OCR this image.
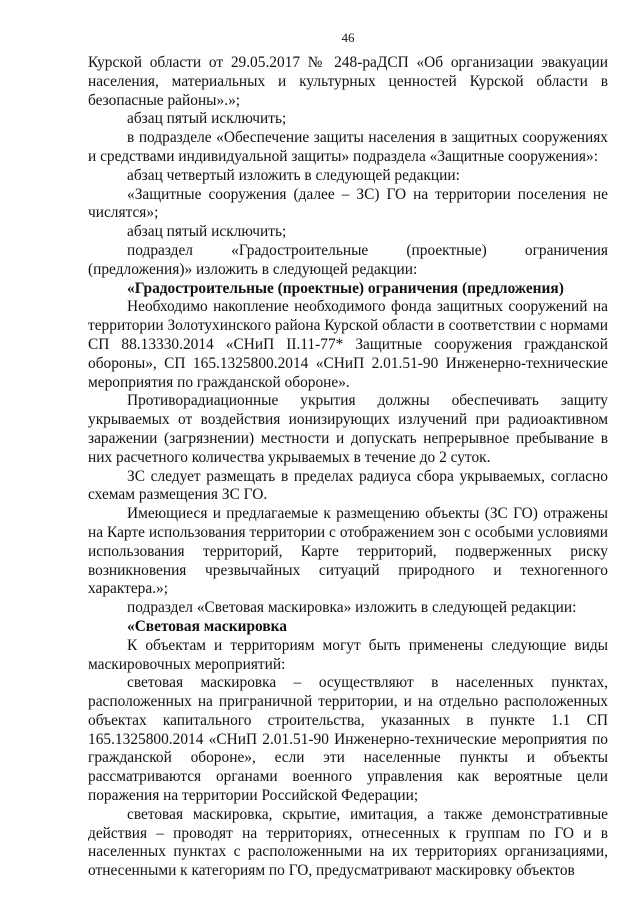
46

Курской области от 29.05.2017 № 248-раДСП «Об организации эвакуации населения, материальных и культурных ценностей Курской области в безопасные районы».»;

абзац пятый исключить;

в подразделе «Обеспечение защиты населения в защитных сооружениях и средствами индивидуальной защиты» подраздела «Защитные сооружения»:

абзац четвертый изложить в следующей редакции:

«Защитные сооружения (далее – ЗС) ГО на территории поселения не числятся»;

абзац пятый исключить;

подраздел «Градостроительные (проектные) ограничения (предложения)» изложить в следующей редакции:

«Градостроительные (проектные) ограничения (предложения)

Необходимо накопление необходимого фонда защитных сооружений на территории Золотухинского района Курской области в соответствии с нормами СП 88.13330.2014 «СНиП II.11-77* Защитные сооружения гражданской обороны», СП 165.1325800.2014 «СНиП 2.01.51-90 Инженерно-технические мероприятия по гражданской обороне».

Противорадиационные укрытия должны обеспечивать защиту укрываемых от воздействия ионизирующих излучений при радиоактивном заражении (загрязнении) местности и допускать непрерывное пребывание в них расчетного количества укрываемых в течение до 2 суток.

ЗС следует размещать в пределах радиуса сбора укрываемых, согласно схемам размещения ЗС ГО.

Имеющиеся и предлагаемые к размещению объекты (ЗС ГО) отражены на Карте использования территории с отображением зон с особыми условиями использования территорий, Карте территорий, подверженных риску возникновения чрезвычайных ситуаций природного и техногенного характера.»;

подраздел «Световая маскировка» изложить в следующей редакции:

«Световая маскировка

К объектам и территориям могут быть применены следующие виды маскировочных мероприятий:

световая маскировка – осуществляют в населенных пунктах, расположенных на приграничной территории, и на отдельно расположенных объектах капитального строительства, указанных в пункте 1.1 СП 165.1325800.2014 «СНиП 2.01.51-90 Инженерно-технические мероприятия по гражданской обороне», если эти населенные пункты и объекты рассматриваются органами военного управления как вероятные цели поражения на территории Российской Федерации;

световая маскировка, скрытие, имитация, а также демонстративные действия – проводят на территориях, отнесенных к группам по ГО и в населенных пунктах с расположенными на их территориях организациями, отнесенными к категориям по ГО, предусматривают маскировку объектов
